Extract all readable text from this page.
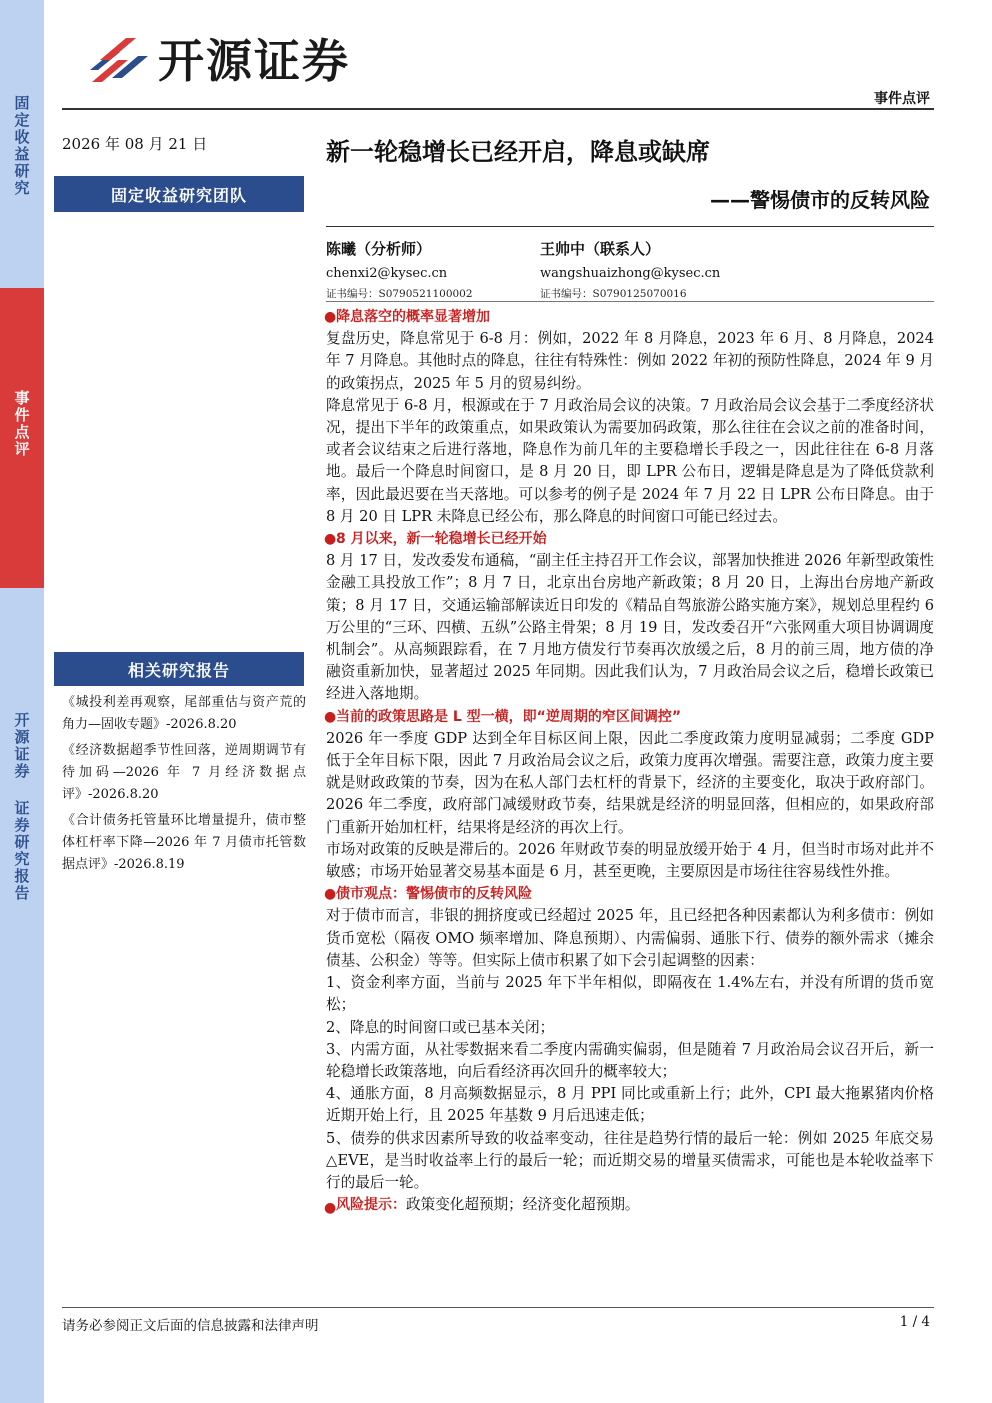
固定收益研究
事件点评
开源证券 证券研究报告
开源证券
事件点评
2026 年 08 月 21 日
固定收益研究团队
相关研究报告
《城投利差再观察，尾部重估与资产荒的角力—固收专题》-2026.8.20
《经济数据超季节性回落，逆周期调节有待加码—2026 年 7 月经济数据点评》-2026.8.20
《合计债务托管量环比增量提升，债市整体杠杆率下降—2026 年 7 月债市托管数据点评》-2026.8.19
新一轮稳增长已经开启，降息或缺席
——警惕债市的反转风险
陈曦（分析师）
chenxi2@kysec.cn
证书编号：S0790521100002
王帅中（联系人）
wangshuaizhong@kysec.cn
证书编号：S0790125070016
● 降息落空的概率显著增加

复盘历史，降息常见于 6-8 月：例如，2022 年 8 月降息，2023 年 6 月、8 月降息，2024 年 7 月降息。其他时点的降息，往往有特殊性：例如 2022 年初的预防性降息，2024 年 9 月的政策拐点，2025 年 5 月的贸易纠纷。

降息常见于 6-8 月，根源或在于 7 月政治局会议的决策。7 月政治局会议会基于二季度经济状况，提出下半年的政策重点，如果政策认为需要加码政策，那么往往在会议之前的准备时间，或者会议结束之后进行落地，降息作为前几年的主要稳增长手段之一，因此往往在 6-8 月落地。最后一个降息时间窗口，是 8 月 20 日，即 LPR 公布日，逻辑是降息是为了降低贷款利率，因此最迟要在当天落地。可以参考的例子是 2024 年 7 月 22 日 LPR 公布日降息。由于 8 月 20 日 LPR 未降息已经公布，那么降息的时间窗口可能已经过去。

● 8 月以来，新一轮稳增长已经开始

8 月 17 日，发改委发布通稿，“副主任主持召开工作会议，部署加快推进 2026 年新型政策性金融工具投放工作”；8 月 7 日，北京出台房地产新政策；8 月 20 日，上海出台房地产新政策；8 月 17 日，交通运输部解读近日印发的《精品自驾旅游公路实施方案》，规划总里程约 6 万公里的“三环、四横、五纵”公路主骨架；8 月 19 日，发改委召开“六张网重大项目协调调度机制会”。从高频跟踪看，在 7 月地方债发行节奏再次放缓之后，8 月的前三周，地方债的净融资重新加快，显著超过 2025 年同期。因此我们认为，7 月政治局会议之后，稳增长政策已经进入落地期。

● 当前的政策思路是 L 型一横，即“逆周期的窄区间调控”

2026 年一季度 GDP 达到全年目标区间上限，因此二季度政策力度明显减弱；二季度 GDP 低于全年目标下限，因此 7 月政治局会议之后，政策力度再次增强。需要注意，政策力度主要就是财政政策的节奏，因为在私人部门去杠杆的背景下，经济的主要变化，取决于政府部门。2026 年二季度，政府部门减缓财政节奏，结果就是经济的明显回落，但相应的，如果政府部门重新开始加杠杆，结果将是经济的再次上行。

市场对政策的反映是滞后的。2026 年财政节奏的明显放缓开始于 4 月，但当时市场对此并不敏感；市场开始显著交易基本面是 6 月，甚至更晚，主要原因是市场往往容易线性外推。

● 债市观点：警惕债市的反转风险

对于债市而言，非银的拥挤度或已经超过 2025 年，且已经把各种因素都认为利多债市：例如货币宽松（隔夜 OMO 频率增加、降息预期）、内需偏弱、通胀下行、债券的额外需求（摊余债基、公积金）等等。但实际上债市积累了如下会引起调整的因素：

1、资金利率方面，当前与 2025 年下半年相似，即隔夜在 1.4%左右，并没有所谓的货币宽松；

2、降息的时间窗口或已基本关闭；

3、内需方面，从社零数据来看二季度内需确实偏弱，但是随着 7 月政治局会议召开后，新一轮稳增长政策落地，向后看经济再次回升的概率较大；

4、通胀方面，8 月高频数据显示，8 月 PPI 同比或重新上行；此外，CPI 最大拖累猪肉价格近期开始上行，且 2025 年基数 9 月后迅速走低；

5、债券的供求因素所导致的收益率变动，往往是趋势行情的最后一轮：例如 2025 年底交易△EVE，是当时收益率上行的最后一轮；而近期交易的增量买债需求，可能也是本轮收益率下行的最后一轮。

● 风险提示：政策变化超预期；经济变化超预期。

请务必参阅正文后面的信息披露和法律声明	1 / 4
